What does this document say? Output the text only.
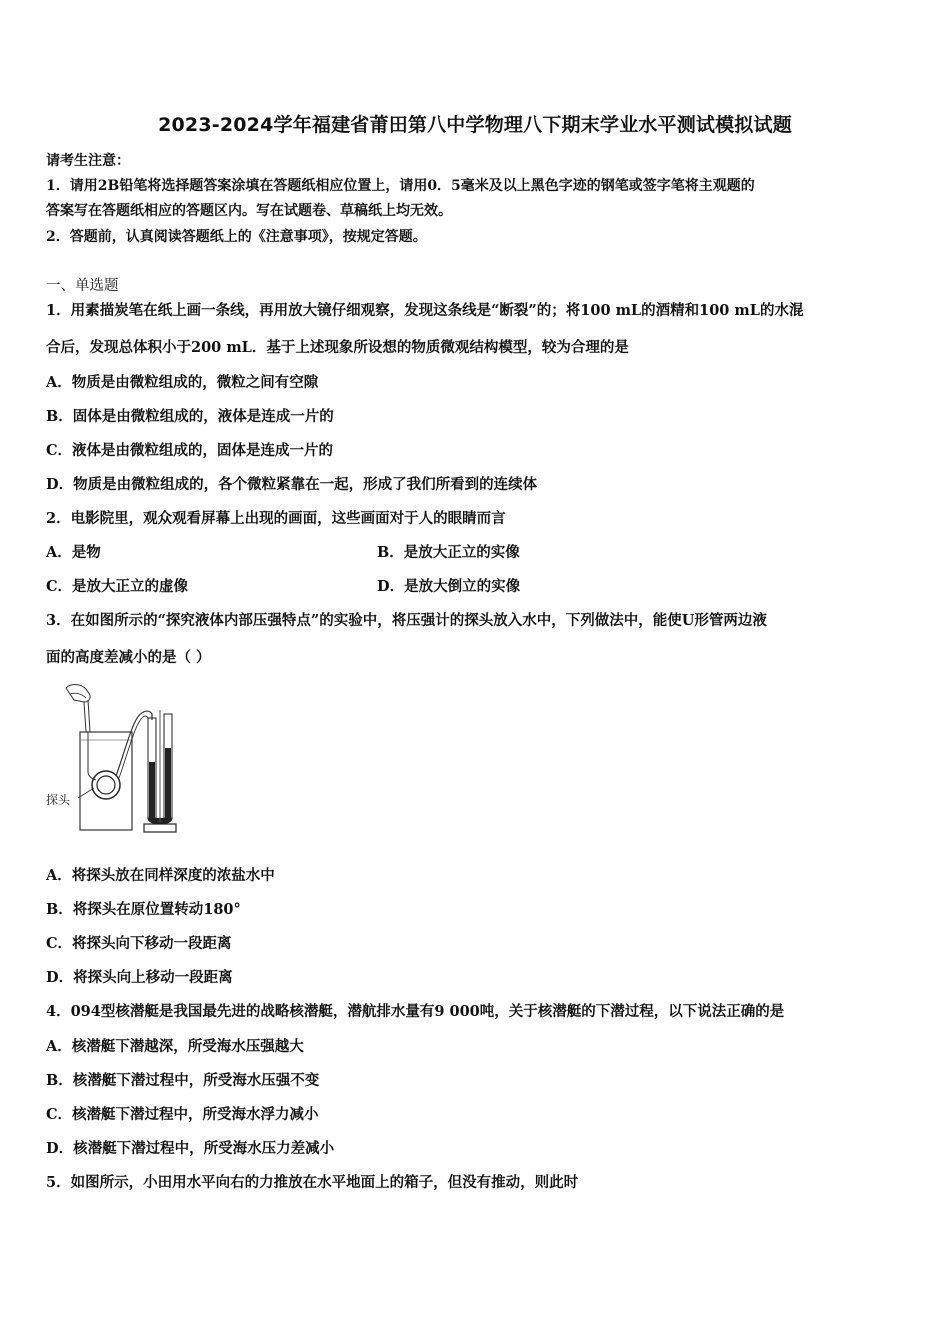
2023-2024学年福建省莆田第八中学物理八下期末学业水平测试模拟试题
请考生注意：
1．请用2B铅笔将选择题答案涂填在答题纸相应位置上，请用0．5毫米及以上黑色字迹的钢笔或签字笔将主观题的
答案写在答题纸相应的答题区内。写在试题卷、草稿纸上均无效。
2．答题前，认真阅读答题纸上的《注意事项》，按规定答题。
一、单选题
1．用素描炭笔在纸上画一条线，再用放大镜仔细观察，发现这条线是“断裂”的；将100 mL的酒精和100 mL的水混
合后，发现总体积小于200 mL．基于上述现象所设想的物质微观结构模型，较为合理的是
A．物质是由微粒组成的，微粒之间有空隙
B．固体是由微粒组成的，液体是连成一片的
C．液体是由微粒组成的，固体是连成一片的
D．物质是由微粒组成的，各个微粒紧靠在一起，形成了我们所看到的连续体
2．电影院里，观众观看屏幕上出现的画面，这些画面对于人的眼睛而言
A．是物	B．是放大正立的实像
C．是放大正立的虚像	D．是放大倒立的实像
3．在如图所示的“探究液体内部压强特点”的实验中，将压强计的探头放入水中，下列做法中，能使U形管两边液
面的高度差减小的是（ ）
探头
A．将探头放在同样深度的浓盐水中
B．将探头在原位置转动180°
C．将探头向下移动一段距离
D．将探头向上移动一段距离
4．094型核潜艇是我国最先进的战略核潜艇，潜航排水量有9 000吨，关于核潜艇的下潜过程，以下说法正确的是
A．核潜艇下潜越深，所受海水压强越大
B．核潜艇下潜过程中，所受海水压强不变
C．核潜艇下潜过程中，所受海水浮力减小
D．核潜艇下潜过程中，所受海水压力差减小
5．如图所示，小田用水平向右的力推放在水平地面上的箱子，但没有推动，则此时
